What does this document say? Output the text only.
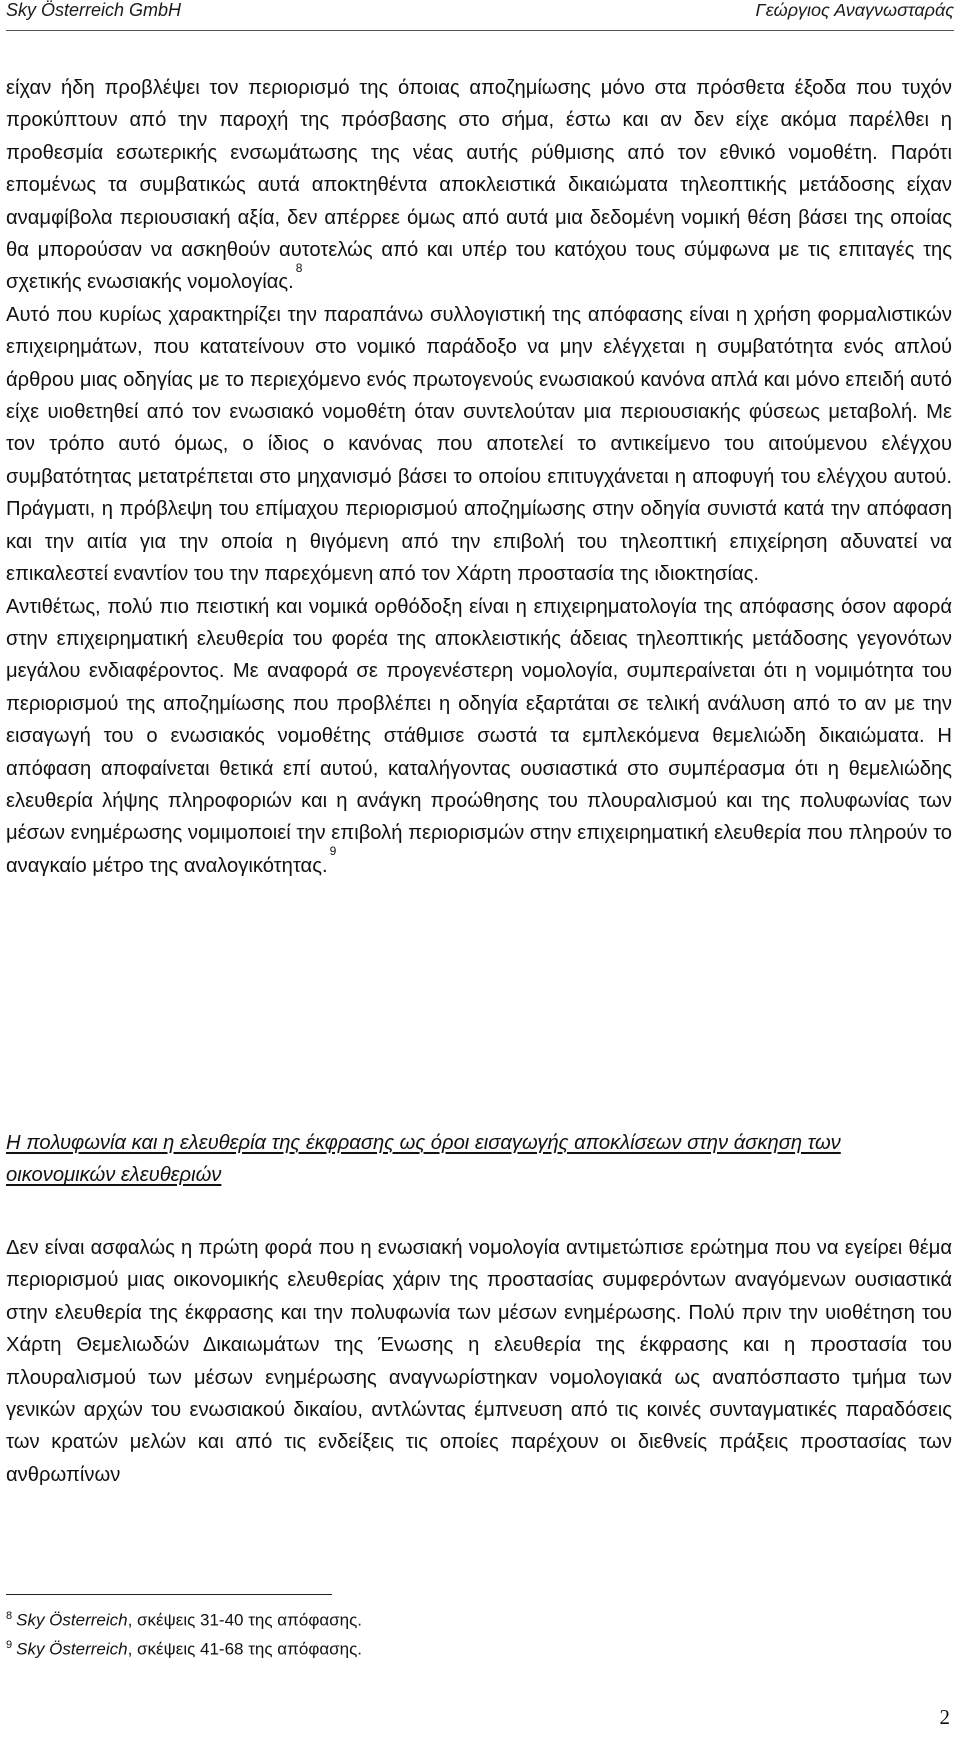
Sky Österreich GmbH	Γεώργιος Αναγνωσταράς

είχαν ήδη προβλέψει τον περιορισμό της όποιας αποζημίωσης μόνο στα πρόσθετα έξοδα που τυχόν προκύπτουν από την παροχή της πρόσβασης στο σήμα, έστω και αν δεν είχε ακόμα παρέλθει η προθεσμία εσωτερικής ενσωμάτωσης της νέας αυτής ρύθμισης από τον εθνικό νομοθέτη. Παρότι επομένως τα συμβατικώς αυτά αποκτηθέντα αποκλειστικά δικαιώματα τηλεοπτικής μετάδοσης είχαν αναμφίβολα περιουσιακή αξία, δεν απέρρεε όμως από αυτά μια δεδομένη νομική θέση βάσει της οποίας θα μπορούσαν να ασκηθούν αυτοτελώς από και υπέρ του κατόχου τους σύμφωνα με τις επιταγές της σχετικής ενωσιακής νομολογίας.$^8$

Αυτό που κυρίως χαρακτηρίζει την παραπάνω συλλογιστική της απόφασης είναι η χρήση φορμαλιστικών επιχειρημάτων, που κατατείνουν στο νομικό παράδοξο να μην ελέγχεται η συμβατότητα ενός απλού άρθρου μιας οδηγίας με το περιεχόμενο ενός πρωτογενούς ενωσιακού κανόνα απλά και μόνο επειδή αυτό είχε υιοθετηθεί από τον ενωσιακό νομοθέτη όταν συντελούταν μια περιουσιακής φύσεως μεταβολή. Με τον τρόπο αυτό όμως, ο ίδιος ο κανόνας που αποτελεί το αντικείμενο του αιτούμενου ελέγχου συμβατότητας μετατρέπεται στο μηχανισμό βάσει το οποίου επιτυγχάνεται η αποφυγή του ελέγχου αυτού. Πράγματι, η πρόβλεψη του επίμαχου περιορισμού αποζημίωσης στην οδηγία συνιστά κατά την απόφαση και την αιτία για την οποία η θιγόμενη από την επιβολή του τηλεοπτική επιχείρηση αδυνατεί να επικαλεστεί εναντίον του την παρεχόμενη από τον Χάρτη προστασία της ιδιοκτησίας.

Αντιθέτως, πολύ πιο πειστική και νομικά ορθόδοξη είναι η επιχειρηματολογία της απόφασης όσον αφορά στην επιχειρηματική ελευθερία του φορέα της αποκλειστικής άδειας τηλεοπτικής μετάδοσης γεγονότων μεγάλου ενδιαφέροντος. Με αναφορά σε προγενέστερη νομολογία, συμπεραίνεται ότι η νομιμότητα του περιορισμού της αποζημίωσης που προβλέπει η οδηγία εξαρτάται σε τελική ανάλυση από το αν με την εισαγωγή του ο ενωσιακός νομοθέτης στάθμισε σωστά τα εμπλεκόμενα θεμελιώδη δικαιώματα. Η απόφαση αποφαίνεται θετικά επί αυτού, καταλήγοντας ουσιαστικά στο συμπέρασμα ότι η θεμελιώδης ελευθερία λήψης πληροφοριών και η ανάγκη προώθησης του πλουραλισμού και της πολυφωνίας των μέσων ενημέρωσης νομιμοποιεί την επιβολή περιορισμών στην επιχειρηματική ελευθερία που πληρούν το αναγκαίο μέτρο της αναλογικότητας.$^9$

Η πολυφωνία και η ελευθερία της έκφρασης ως όροι εισαγωγής αποκλίσεων στην άσκηση των οικονομικών ελευθεριών

Δεν είναι ασφαλώς η πρώτη φορά που η ενωσιακή νομολογία αντιμετώπισε ερώτημα που να εγείρει θέμα περιορισμού μιας οικονομικής ελευθερίας χάριν της προστασίας συμφερόντων αναγόμενων ουσιαστικά στην ελευθερία της έκφρασης και την πολυφωνία των μέσων ενημέρωσης. Πολύ πριν την υιοθέτηση του Χάρτη Θεμελιωδών Δικαιωμάτων της Ένωσης η ελευθερία της έκφρασης και η προστασία του πλουραλισμού των μέσων ενημέρωσης αναγνωρίστηκαν νομολογιακά ως αναπόσπαστο τμήμα των γενικών αρχών του ενωσιακού δικαίου, αντλώντας έμπνευση από τις κοινές συνταγματικές παραδόσεις των κρατών μελών και από τις ενδείξεις τις οποίες παρέχουν οι διεθνείς πράξεις προστασίας των ανθρωπίνων

$^8$ Sky Österreich, σκέψεις 31-40 της απόφασης.
$^9$ Sky Österreich, σκέψεις 41-68 της απόφασης.
2
